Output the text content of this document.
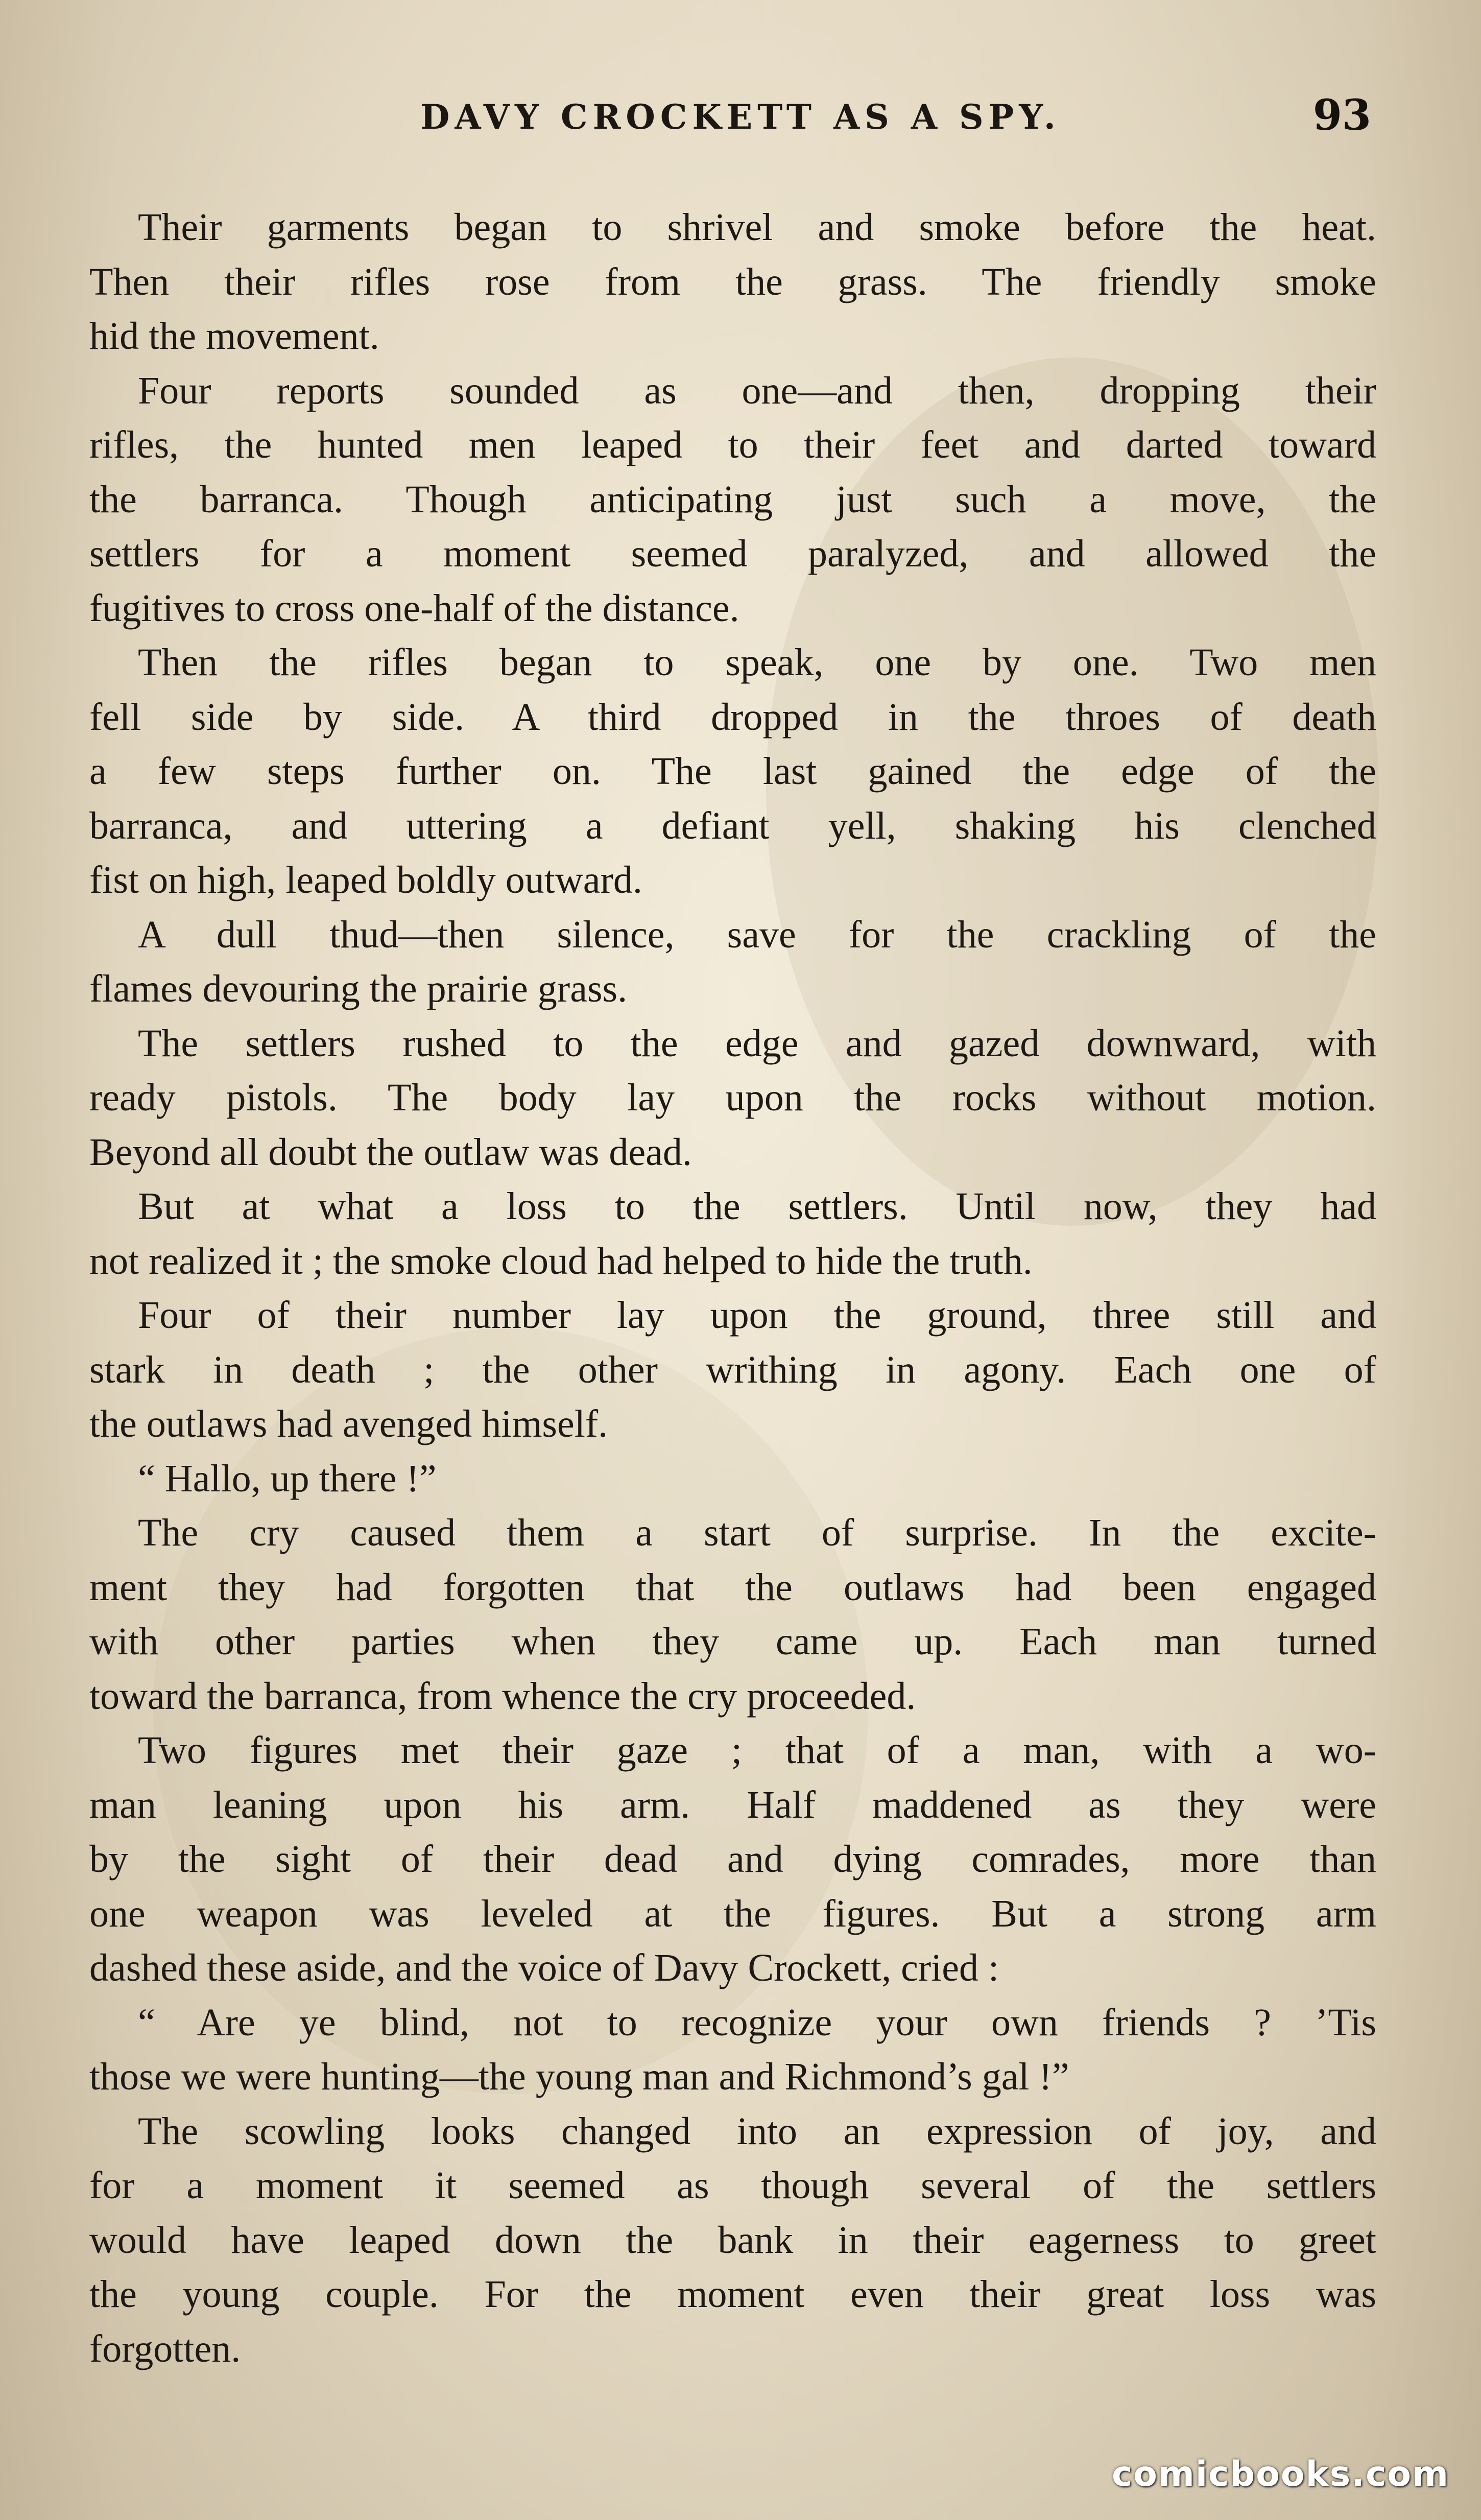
DAVY CROCKETT AS A SPY.	93
Their garments began to shrivel and smoke before the heat.
Then their rifles rose from the grass. The friendly smoke
hid the movement.
Four reports sounded as one—and then, dropping their
rifles, the hunted men leaped to their feet and darted toward
the barranca. Though anticipating just such a move, the
settlers for a moment seemed paralyzed, and allowed the
fugitives to cross one-half of the distance.
Then the rifles began to speak, one by one. Two men
fell side by side. A third dropped in the throes of death
a few steps further on. The last gained the edge of the
barranca, and uttering a defiant yell, shaking his clenched
fist on high, leaped boldly outward.
A dull thud—then silence, save for the crackling of the
flames devouring the prairie grass.
The settlers rushed to the edge and gazed downward, with
ready pistols. The body lay upon the rocks without motion.
Beyond all doubt the outlaw was dead.
But at what a loss to the settlers. Until now, they had
not realized it ; the smoke cloud had helped to hide the truth.
Four of their number lay upon the ground, three still and
stark in death ; the other writhing in agony. Each one of
the outlaws had avenged himself.
“ Hallo, up there !”
The cry caused them a start of surprise. In the excite-
ment they had forgotten that the outlaws had been engaged
with other parties when they came up. Each man turned
toward the barranca, from whence the cry proceeded.
Two figures met their gaze ; that of a man, with a wo-
man leaning upon his arm. Half maddened as they were
by the sight of their dead and dying comrades, more than
one weapon was leveled at the figures. But a strong arm
dashed these aside, and the voice of Davy Crockett, cried :
“ Are ye blind, not to recognize your own friends ? ’Tis
those we were hunting—the young man and Richmond’s gal !”
The scowling looks changed into an expression of joy, and
for a moment it seemed as though several of the settlers
would have leaped down the bank in their eagerness to greet
the young couple. For the moment even their great loss was
forgotten.
comicbooks.com
